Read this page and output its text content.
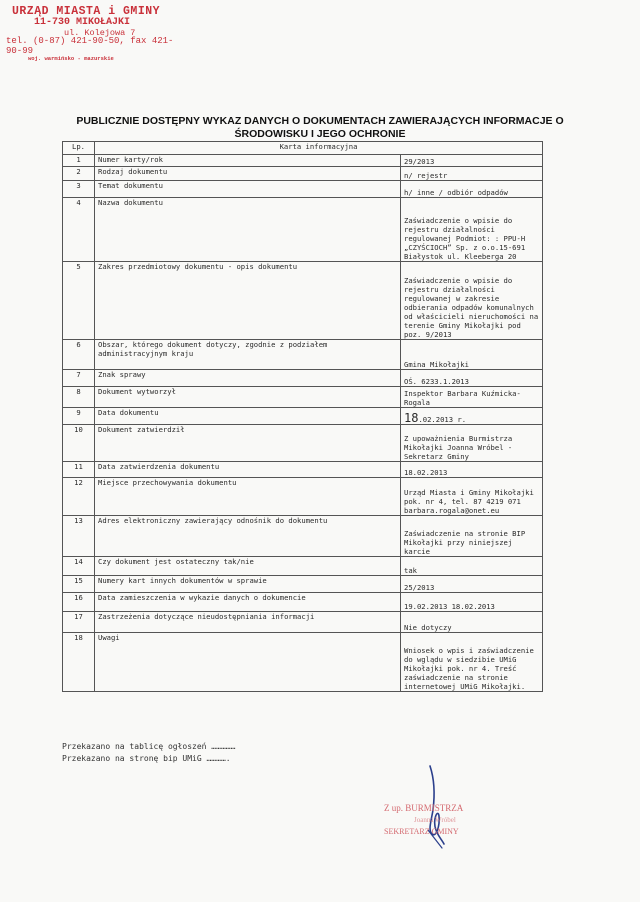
URZĄD MIASTA i GMINY
11-730 MIKOŁAJKI
ul. Kolejowa 7
tel. (0-87) 421-90-50, fax 421-90-99
woj. warmińsko - mazurskie
PUBLICZNIE DOSTĘPNY WYKAZ DANYCH O DOKUMENTACH ZAWIERAJĄCYCH INFORMACJE O ŚRODOWISKU I JEGO OCHRONIE
Lp.	Karta informacyjna	
1	Numer karty/rok	29/2013
2	Rodzaj dokumentu	n/ rejestr
3	Temat dokumentu	h/ inne / odbiór odpadów
4	Nazwa dokumentu	Zaświadczenie o wpisie do rejestru działalności regulowanej Podmiot: : PPU-H „CZYŚCIOCH” Sp. z o.o.15-691 Białystok ul. Kleeberga 20
5	Zakres przedmiotowy dokumentu - opis dokumentu	Zaświadczenie o wpisie do rejestru działalności regulowanej w zakresie odbierania odpadów komunalnych od właścicieli nieruchomości na terenie Gminy Mikołajki pod poz. 9/2013
6	Obszar, którego dokument dotyczy, zgodnie z podziałem administracyjnym kraju	Gmina Mikołajki
7	Znak sprawy	OŚ. 6233.1.2013
8	Dokument wytworzył	Inspektor Barbara Kuźmicka-Rogala
9	Data dokumentu	18.02.2013 r.
10	Dokument zatwierdził	Z upoważnienia Burmistrza Mikołajki Joanna Wróbel - Sekretarz Gminy
11	Data zatwierdzenia dokumentu	18.02.2013
12	Miejsce przechowywania dokumentu	Urząd Miasta i Gminy Mikołajki pok. nr 4, tel. 87 4219 071 barbara.rogala@onet.eu
13	Adres elektroniczny zawierający odnośnik do dokumentu	Zaświadczenie na stronie BIP Mikołajki przy niniejszej karcie
14	Czy dokument jest ostateczny tak/nie	tak
15	Numery kart innych dokumentów w sprawie	25/2013
16	Data zamieszczenia w wykazie danych o dokumencie	19.02.2013 18.02.2013
17	Zastrzeżenia dotyczące nieudostępniania informacji	Nie dotyczy
18	Uwagi	Wniosek o wpis i zaświadczenie do wglądu w siedzibie UMiG Mikołajki pok. nr 4. Treść zaświadczenie na stronie internetowej UMiG Mikołajki.
Przekazano na tablicę ogłoszeń ……………
Przekazano na stronę bip UMiG ………….
Z up. BURMISTRZA
Joanna Wróbel
SEKRETARZ GMINY
